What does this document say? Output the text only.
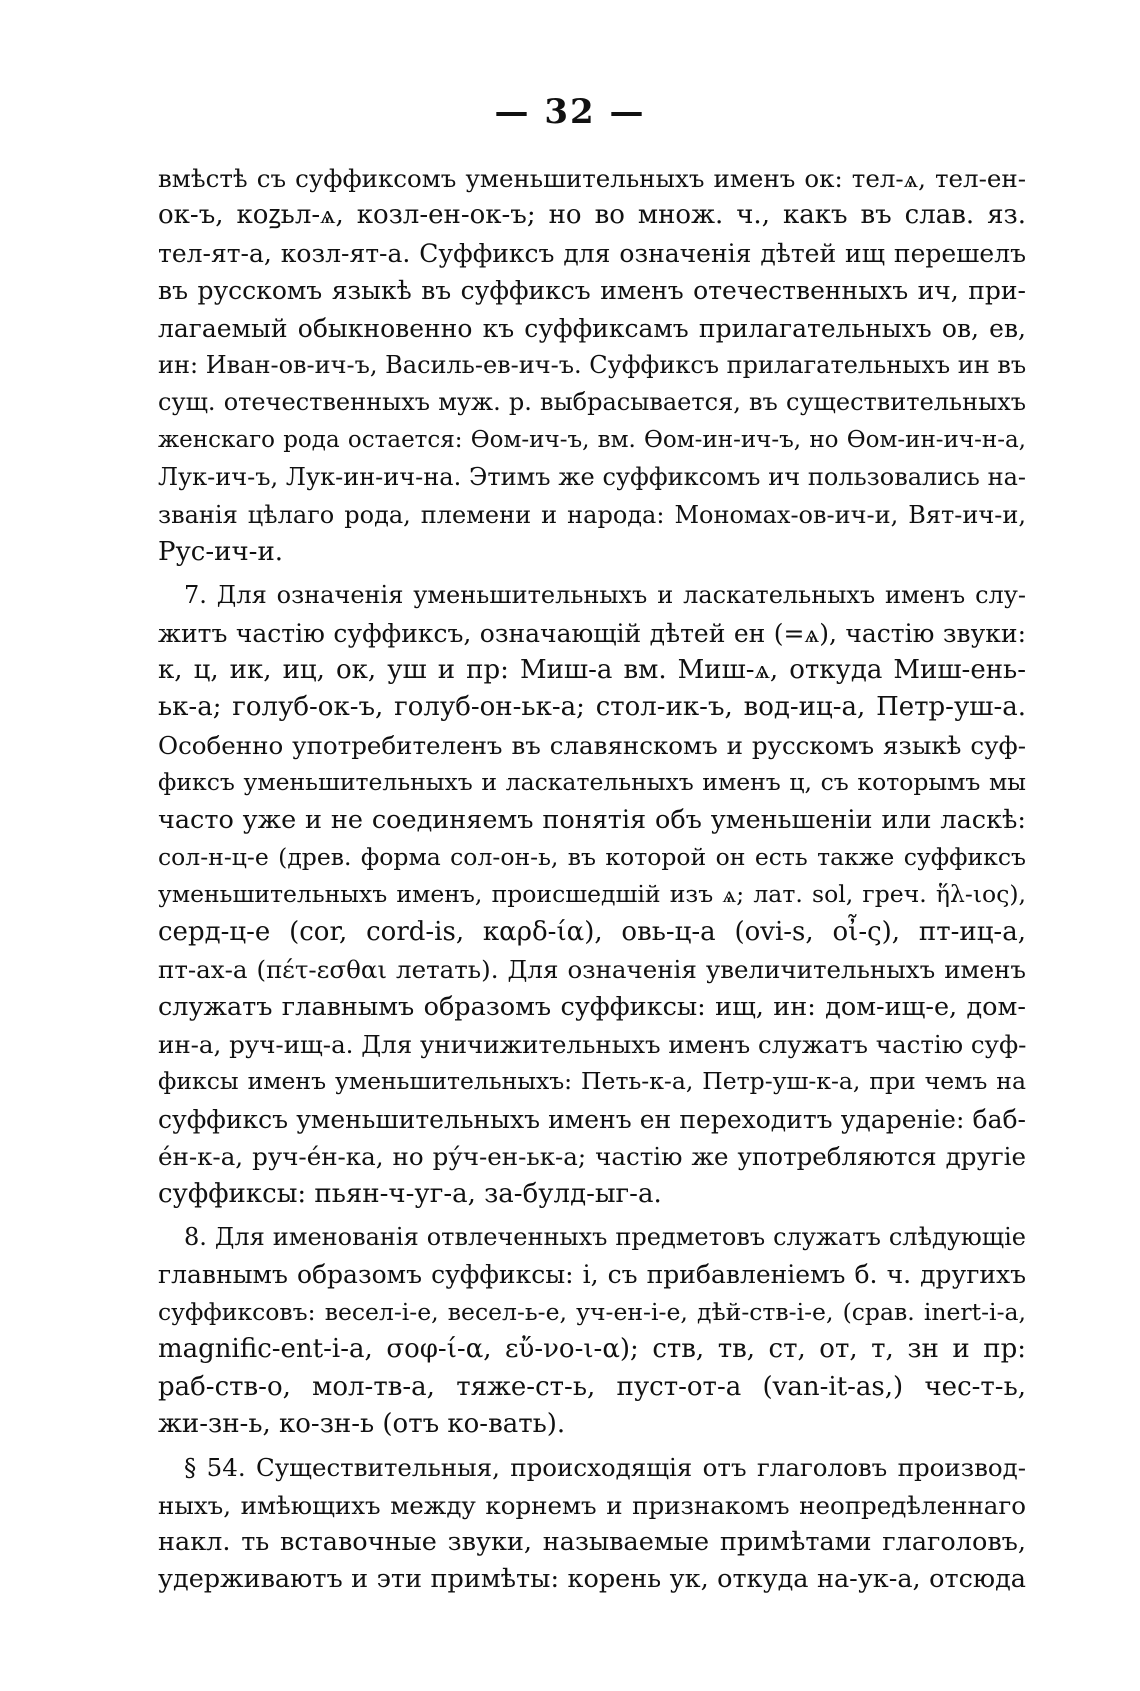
— 32 —
вмѣстѣ съ суффиксомъ уменьшительныхъ именъ ок: тел-ѧ, тел-ен-
ок-ъ, коꙁьл-ѧ, козл-ен-ок-ъ; но во множ. ч., какъ въ слав. яз.
тел-ят-а, козл-ят-а. Суффиксъ для означенія дѣтей ищ перешелъ
въ русскомъ языкѣ въ суффиксъ именъ отечественныхъ ич, при-
лагаемый обыкновенно къ суффиксамъ прилагательныхъ ов, ев,
ин: Иван-ов-ич-ъ, Василь-ев-ич-ъ. Суффиксъ прилагательныхъ ин въ
сущ. отечественныхъ муж. р. выбрасывается, въ существительныхъ
женскаго рода остается: Ѳом-ич-ъ, вм. Ѳом-ин-ич-ъ, но Ѳом-ин-ич-н-а,
Лук-ич-ъ, Лук-ин-ич-на. Этимъ же суффиксомъ ич пользовались на-
званія цѣлаго рода, племени и народа: Мономах-ов-ич-и, Вят-ич-и,
Рус-ич-и.
7. Для означенія уменьшительныхъ и ласкательныхъ именъ слу-
житъ частію суффиксъ, означающій дѣтей ен (=ѧ), частію звуки:
к, ц, ик, иц, ок, уш и пр: Миш-а вм. Миш-ѧ, откуда Миш-ень-
ьк-а; голуб-ок-ъ, голуб-он-ьк-а; стол-ик-ъ, вод-иц-а, Петр-уш-а.
Особенно употребителенъ въ славянскомъ и русскомъ языкѣ суф-
фиксъ уменьшительныхъ и ласкательныхъ именъ ц, съ которымъ мы
часто уже и не соединяемъ понятія объ уменьшеніи или ласкѣ:
сол-н-ц-е (древ. форма сол-он-ь, въ которой он есть также суффиксъ
уменьшительныхъ именъ, происшедшій изъ ѧ; лат. sol, греч. ἥλ-ιος),
серд-ц-е (cor, cord-is, καρδ-ία), овь-ц-а (ovi-s, οἶ-ς), пт-иц-а,
пт-ах-а (πέτ-εσθαι летать). Для означенія увеличительныхъ именъ
служатъ главнымъ образомъ суффиксы: ищ, ин: дом-ищ-е, дом-
ин-а, руч-ищ-а. Для уничижительныхъ именъ служатъ частію суф-
фиксы именъ уменьшительныхъ: Петь-к-а, Петр-уш-к-а, при чемъ на
суффиксъ уменьшительныхъ именъ ен переходитъ удареніе: баб-
е́н-к-а, руч-е́н-ка, но ру́ч-ен-ьк-а; частію же употребляются другіе
суффиксы: пьян-ч-уг-а, за-булд-ыг-а.
8. Для именованія отвлеченныхъ предметовъ служатъ слѣдующіе
главнымъ образомъ суффиксы: і, съ прибавленіемъ б. ч. другихъ
суффиксовъ: весел-і-е, весел-ь-е, уч-ен-і-е, дѣй-ств-і-е, (срав. inert-i-a,
magnific-ent-i-a, σοφ-ί-α, εὔ-νο-ι-α); ств, тв, ст, от, т, зн и пр:
раб-ств-о, мол-тв-а, тяже-ст-ь, пуст-от-а (van-it-as,) чес-т-ь,
жи-зн-ь, ко-зн-ь (отъ ко-вать).
§ 54. Существительныя, происходящія отъ глаголовъ производ-
ныхъ, имѣющихъ между корнемъ и признакомъ неопредѣленнаго
накл. ть вставочные звуки, называемые примѣтами глаголовъ,
удерживаютъ и эти примѣты: корень ук, откуда на-ук-а, отсюда
